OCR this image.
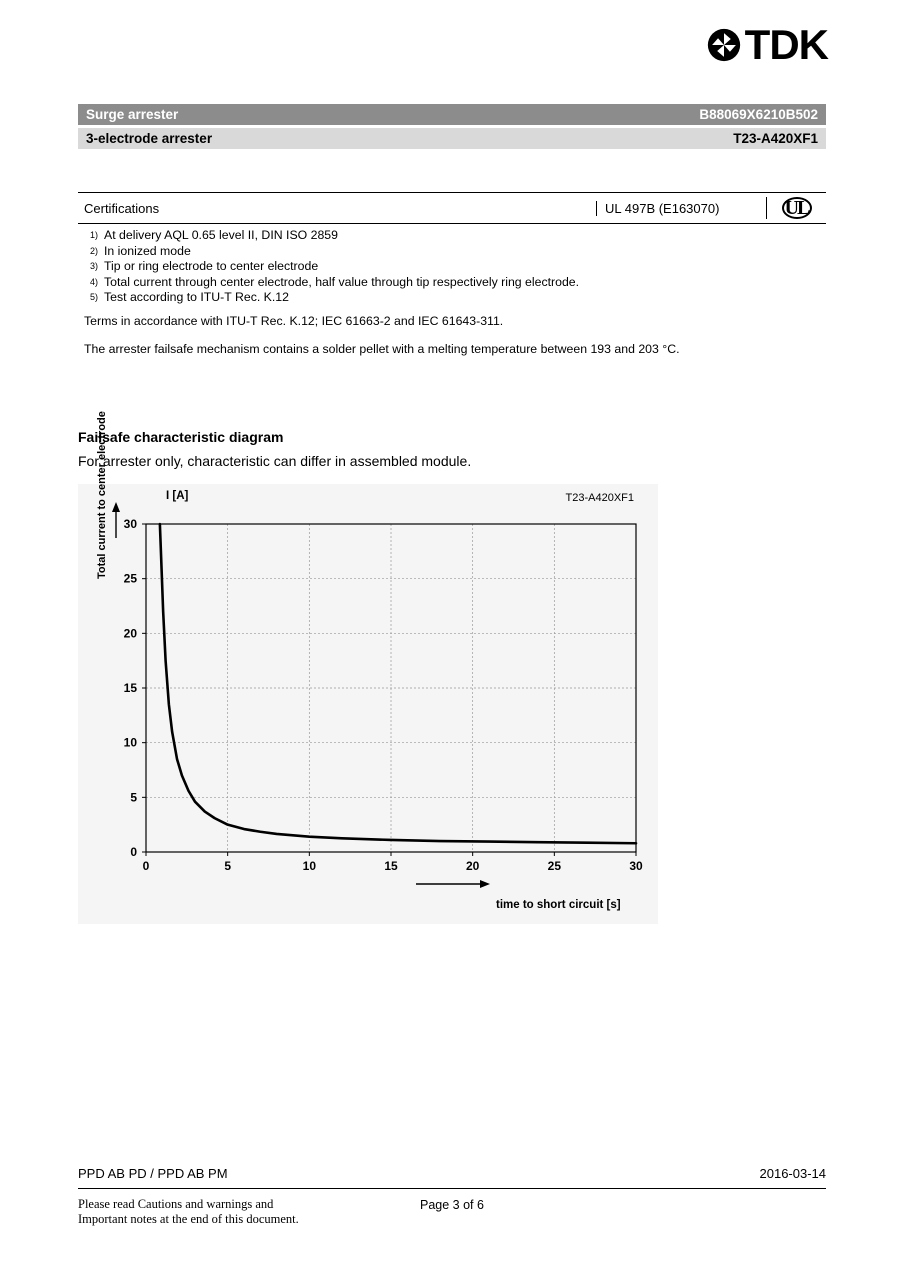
TDK
Surge arrester	B88069X6210B502
3-electrode arrester	T23-A420XF1
Certifications	UL 497B (E163070)	UL
1) At delivery AQL 0.65 level II, DIN ISO 2859
2) In ionized mode
3) Tip or ring electrode to center electrode
4) Total current through center electrode, half value through tip respectively ring electrode.
5) Test according to ITU-T Rec. K.12
Terms in accordance with ITU-T Rec. K.12; IEC 61663-2 and IEC 61643-311.
The arrester failsafe mechanism contains a solder pellet with a melting temperature between 193 and 203 °C.
Failsafe characteristic diagram
For arrester only, characteristic can differ in assembled module.
I [A]	T23-A420XF1
Total current to center electrode
time to short circuit [s]
0	5	10	15	20	25	30
0
5
10
15
20
25
30
PPD AB PD / PPD AB PM	2016-03-14
Please read Cautions and warnings and
Important notes at the end of this document.
Page 3 of 6
